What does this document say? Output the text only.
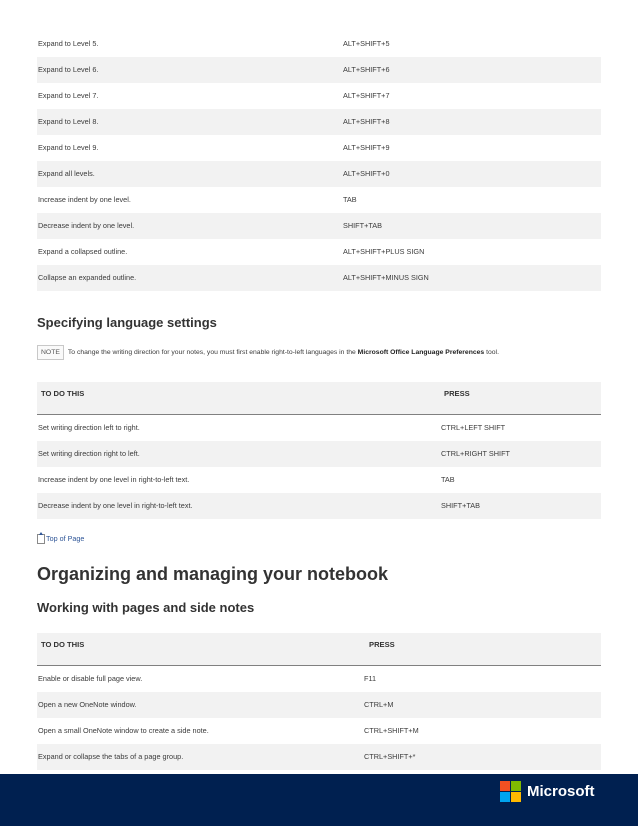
Expand to Level 5.	ALT+SHIFT+5
Expand to Level 6.	ALT+SHIFT+6
Expand to Level 7.	ALT+SHIFT+7
Expand to Level 8.	ALT+SHIFT+8
Expand to Level 9.	ALT+SHIFT+9
Expand all levels.	ALT+SHIFT+0
Increase indent by one level.	TAB
Decrease indent by one level.	SHIFT+TAB
Expand a collapsed outline.	ALT+SHIFT+PLUS SIGN
Collapse an expanded outline.	ALT+SHIFT+MINUS SIGN
Specifying language settings
NOTE To change the writing direction for your notes, you must first enable right-to-left languages in the Microsoft Office Language Preferences tool.
TO DO THIS	PRESS
Set writing direction left to right.	CTRL+LEFT SHIFT
Set writing direction right to left.	CTRL+RIGHT SHIFT
Increase indent by one level in right-to-left text.	TAB
Decrease indent by one level in right-to-left text.	SHIFT+TAB
Top of Page
Organizing and managing your notebook
Working with pages and side notes
TO DO THIS	PRESS
Enable or disable full page view.	F11
Open a new OneNote window.	CTRL+M
Open a small OneNote window to create a side note.	CTRL+SHIFT+M
Expand or collapse the tabs of a page group.	CTRL+SHIFT+*
Microsoft
